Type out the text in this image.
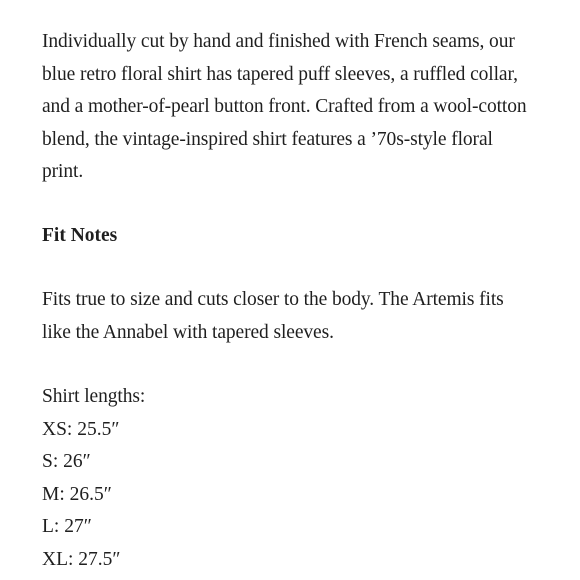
Individually cut by hand and finished with French seams, our blue retro floral shirt has tapered puff sleeves, a ruffled collar, and a mother-of-pearl button front. Crafted from a wool-cotton blend, the vintage-inspired shirt features a ’70s-style floral print.

Fit Notes

Fits true to size and cuts closer to the body. The Artemis fits like the Annabel with tapered sleeves.

Shirt lengths:

XS: 25.5″
S: 26″
M: 26.5″
L: 27″
XL: 27.5″
